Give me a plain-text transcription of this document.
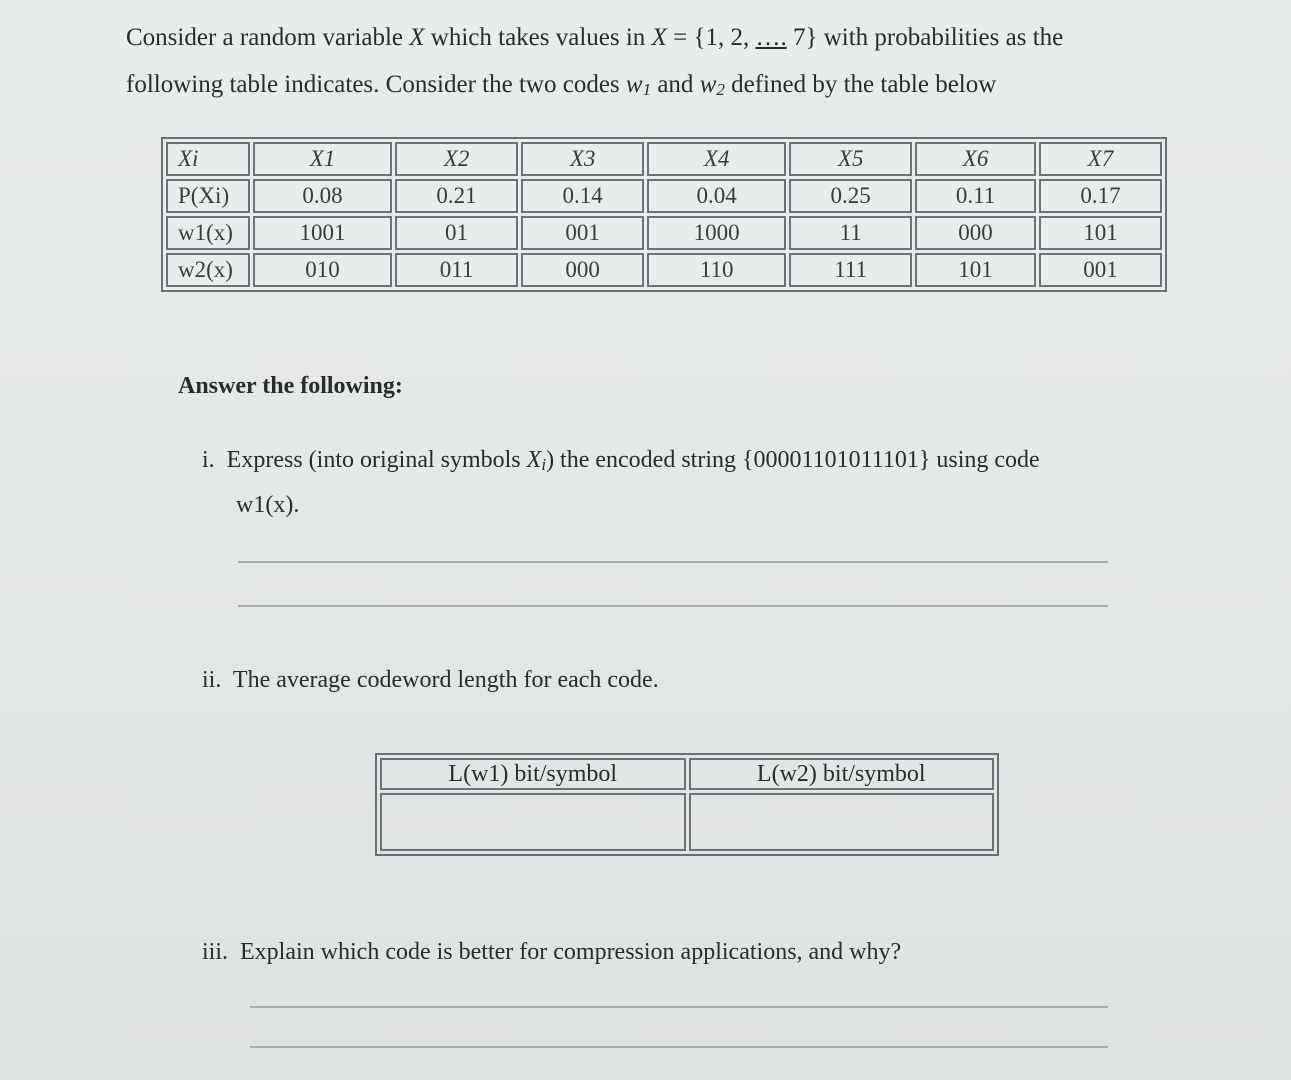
Consider a random variable X which takes values in X = {1, 2, …. 7} with probabilities as the
following table indicates. Consider the two codes w1 and w2 defined by the table below
Xi	X1	X2	X3	X4	X5	X6	X7
P(Xi)	0.08	0.21	0.14	0.04	0.25	0.11	0.17
w1(x)	1001	01	001	1000	11	000	101
w2(x)	010	011	000	110	111	101	001
Answer the following:
i. Express (into original symbols Xi) the encoded string {00001101011101} using code
w1(x).
ii. The average codeword length for each code.
L(w1) bit/symbol	L(w2) bit/symbol

iii. Explain which code is better for compression applications, and why?
